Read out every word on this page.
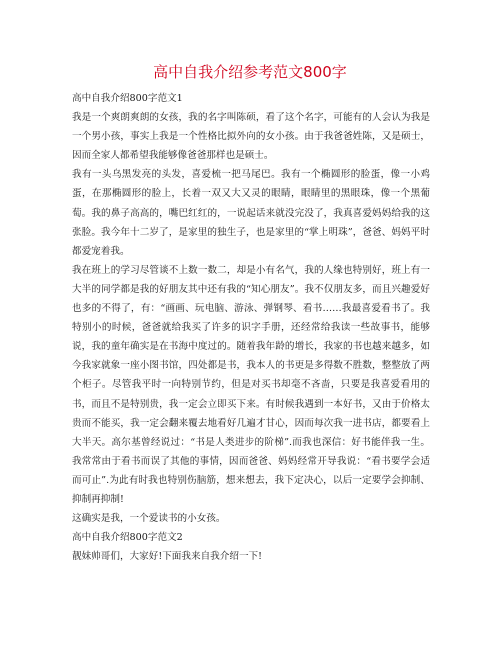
高中自我介绍参考范文800字

高中自我介绍800字范文1

我是一个爽朗爽朗的女孩，我的名字叫陈硕，看了这个名字，可能有的人会认为我是一个男小孩，事实上我是一个性格比拟外向的女小孩。由于我爸爸姓陈，又是硕士，因而全家人都希望我能够像爸爸那样也是硕士。

我有一头乌黑发亮的头发，喜爱梳一把马尾巴。我有一个椭圆形的脸蛋，像一小鸡蛋，在那椭圆形的脸上，长着一双又大又灵的眼睛，眼睛里的黑眼珠，像一个黑葡萄。我的鼻子高高的，嘴巴红红的，一说起话来就没完没了，我真喜爱妈妈给我的这张脸。我今年十二岁了，是家里的独生子，也是家里的“掌上明珠”，爸爸、妈妈平时都爱宠着我。

我在班上的学习尽管谈不上数一数二，却是小有名气，我的人缘也特别好，班上有一大半的同学都是我的好朋友其中还有我的“知心朋友”。我不仅朋友多，而且兴趣爱好也多的不得了，有：“画画、玩电脑、游泳、弹钢琴、看书……我最喜爱看书了。我特别小的时候，爸爸就给我买了许多的识字手册，还经常给我读一些故事书，能够说，我的童年确实是在书海中度过的。随着我年龄的增长，我家的书也越来越多，如今我家就象一座小图书馆，四处都是书，我本人的书更是多得数不胜数，整整放了两个柜子。尽管我平时一向特别节约，但是对买书却毫不吝啬，只要是我喜爱看用的书，而且不是特别贵，我一定会立即买下来。有时候我遇到一本好书，又由于价格太贵而不能买，我一定会翻来覆去地看好几遍才甘心，因而每次我一进书店，都要看上大半天。高尔基曾经说过：“书是人类进步的阶梯”.而我也深信：好书能伴我一生。我常常由于看书而误了其他的事情，因而爸爸、妈妈经常开导我说：“看书要学会适而可止”.为此有时我也特别伤脑筋，想来想去，我下定决心，以后一定要学会抑制、抑制再抑制!

这确实是我，一个爱读书的小女孩。

高中自我介绍800字范文2

靓妹帅哥们，大家好!下面我来自我介绍一下!
